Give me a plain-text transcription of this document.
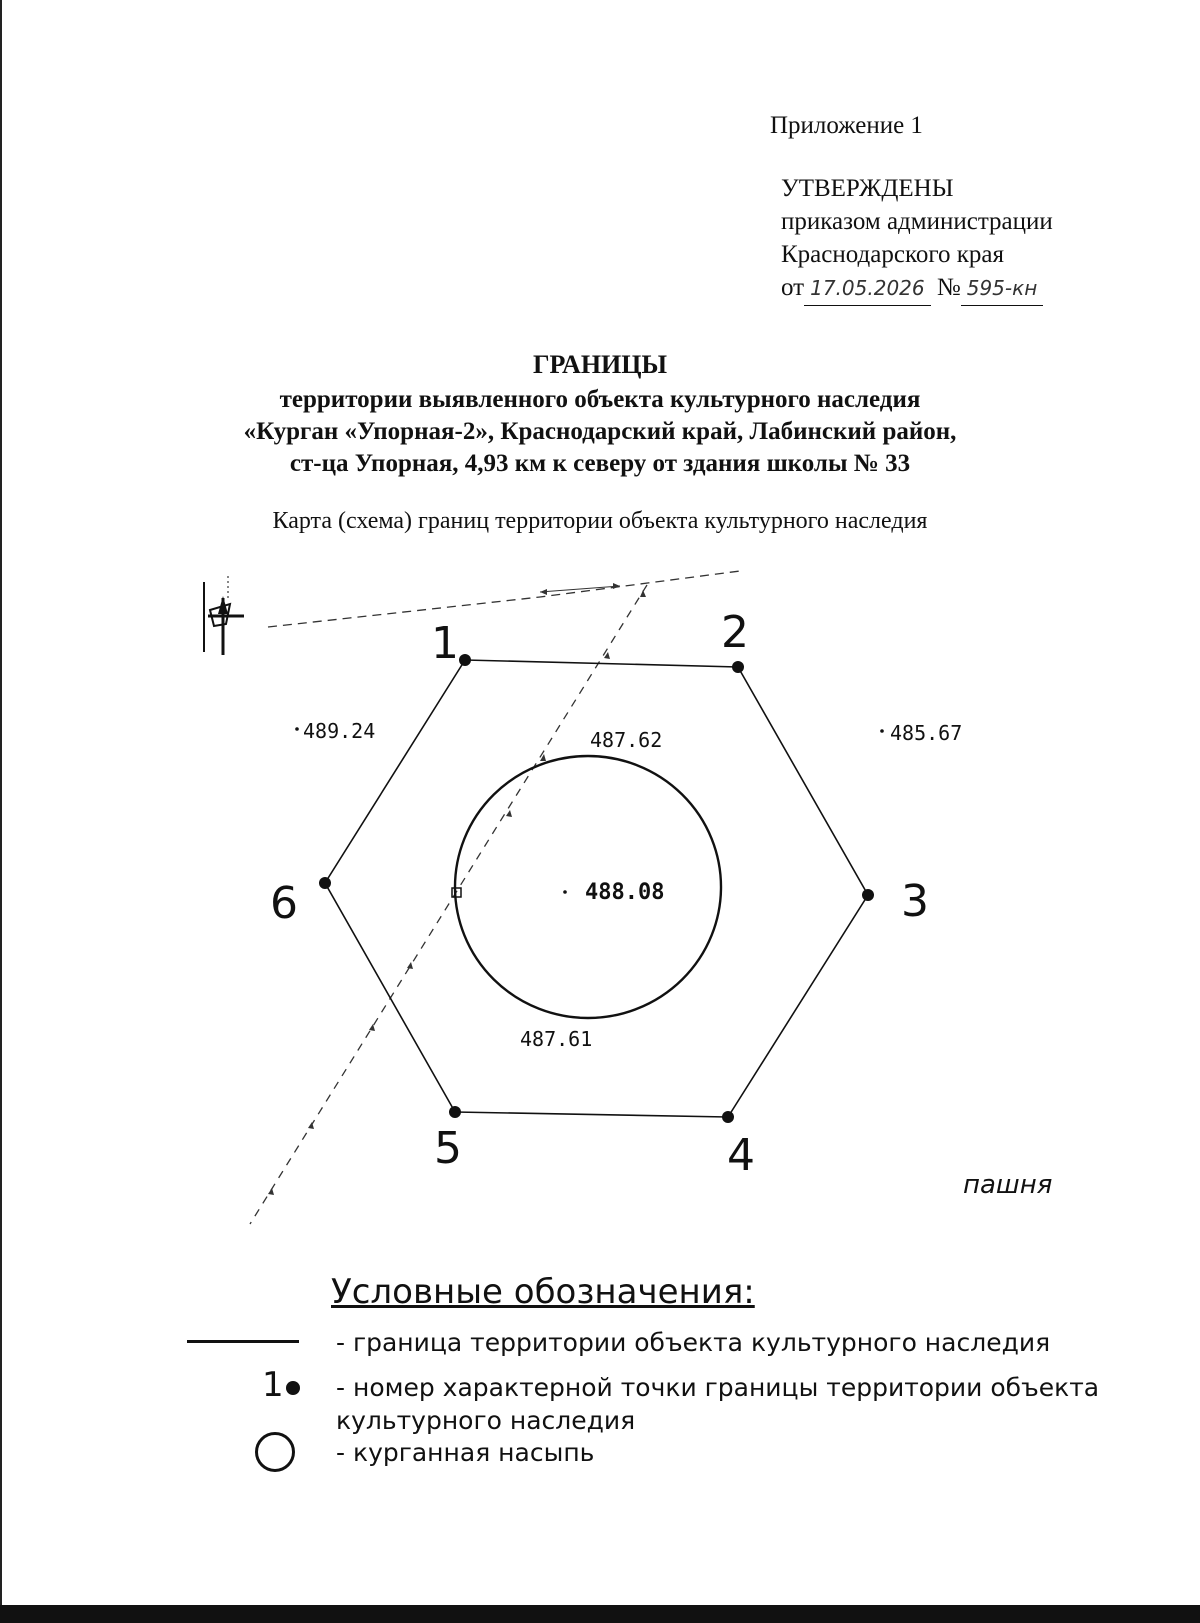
Приложение 1
УТВЕРЖДЕНЫ
приказом администрации
Краснодарского края
от 17.05.2026 № 595-кн
ГРАНИЦЫ
территории выявленного объекта культурного наследия
«Курган «Упорная-2», Краснодарский край, Лабинский район,
ст-ца Упорная, 4,93 км к северу от здания школы № 33
Карта (схема) границ территории объекта культурного наследия
1	2
3
4
5
6
489.24	485.67
487.62
488.08
487.61
пашня
Условные обозначения:
- граница территории объекта культурного наследия
1 - номер характерной точки границы территории объекта
культурного наследия
- курганная насыпь
